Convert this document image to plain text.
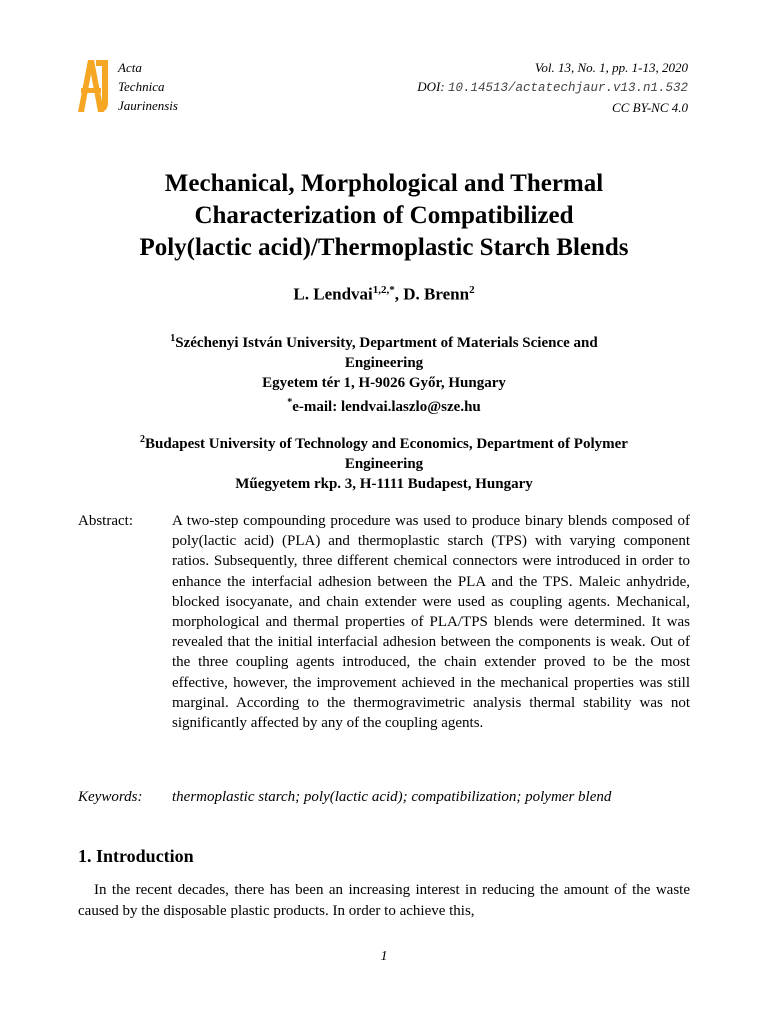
Acta
Technica
Jaurinensis
Vol. 13, No. 1, pp. 1-13, 2020
DOI: 10.14513/actatechjaur.v13.n1.532
CC BY-NC 4.0
Mechanical, Morphological and Thermal
Characterization of Compatibilized
Poly(lactic acid)/Thermoplastic Starch Blends
L. Lendvai$^{1,2,*}$, D. Brenn$^2$
$^1$Széchenyi István University, Department of Materials Science and
Engineering
Egyetem tér 1, H-9026 Győr, Hungary
*e-mail: lendvai.laszlo@sze.hu
$^2$Budapest University of Technology and Economics, Department of Polymer
Engineering
Műegyetem rkp. 3, H-1111 Budapest, Hungary
Abstract:	A two-step compounding procedure was used to produce binary blends composed of poly(lactic acid) (PLA) and thermoplastic starch (TPS) with varying component ratios. Subsequently, three different chemical connectors were introduced in order to enhance the interfacial adhesion between the PLA and the TPS. Maleic anhydride, blocked isocyanate, and chain extender were used as coupling agents. Mechanical, morphological and thermal properties of PLA/TPS blends were determined. It was revealed that the initial interfacial adhesion between the components is weak. Out of the three coupling agents introduced, the chain extender proved to be the most effective, however, the improvement achieved in the mechanical properties was still marginal. According to the thermogravimetric analysis thermal stability was not significantly affected by any of the coupling agents.
Keywords: thermoplastic starch; poly(lactic acid); compatibilization; polymer blend
1. Introduction
In the recent decades, there has been an increasing interest in reducing the amount of the waste caused by the disposable plastic products. In order to achieve this,
1
